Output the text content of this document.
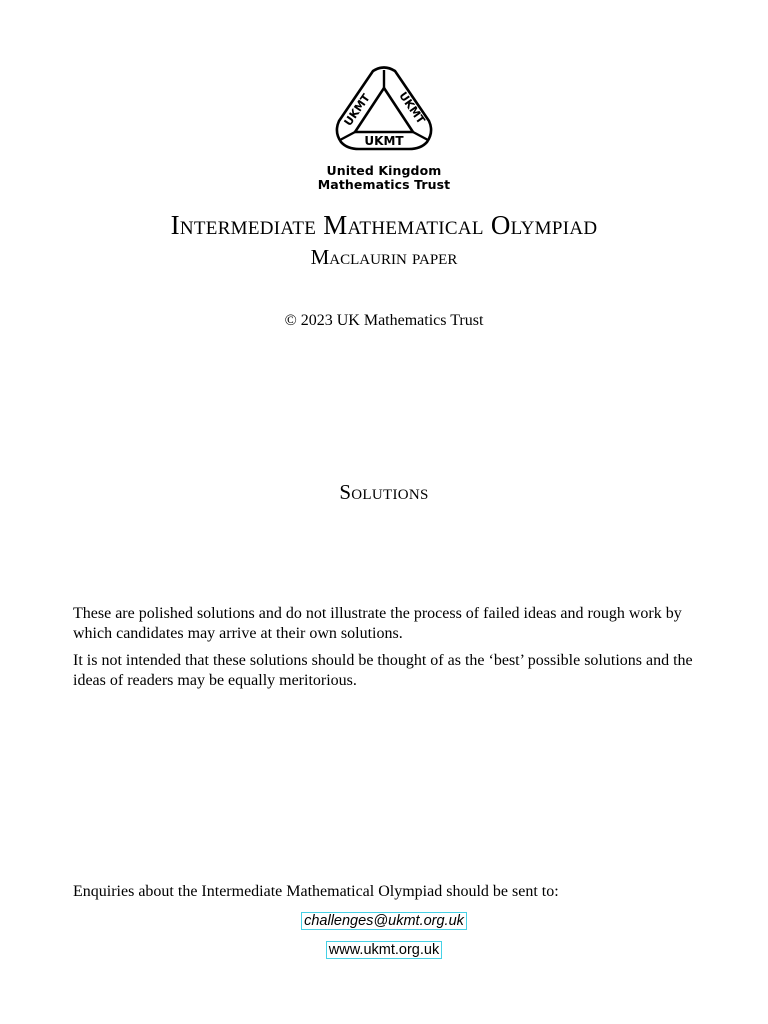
UKMT UKMT
UKMT
United Kingdom
Mathematics Trust
Intermediate Mathematical Olympiad
Maclaurin paper
© 2023 UK Mathematics Trust
Solutions

These are polished solutions and do not illustrate the process of failed ideas and rough work by which candidates may arrive at their own solutions.

It is not intended that these solutions should be thought of as the ‘best’ possible solutions and the ideas of readers may be equally meritorious.

Enquiries about the Intermediate Mathematical Olympiad should be sent to:
challenges@ukmt.org.uk
www.ukmt.org.uk
